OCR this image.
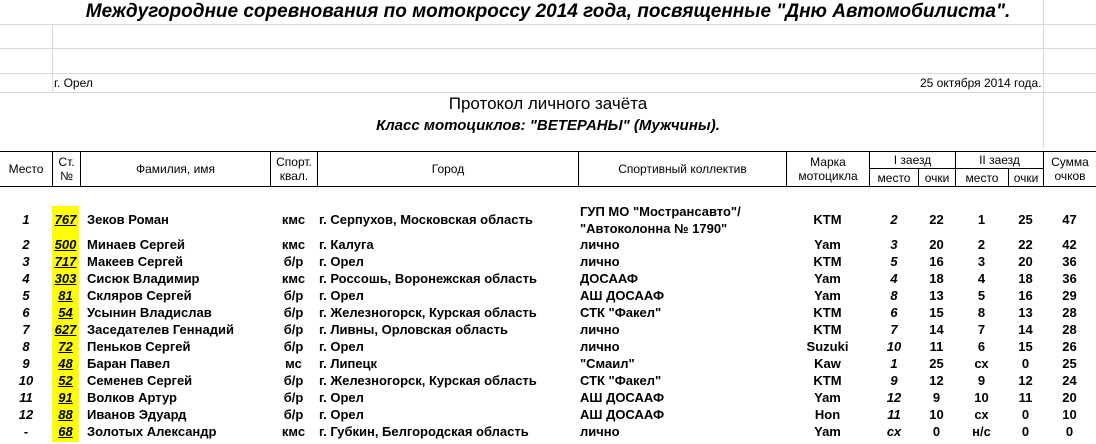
Междугородние соревнования по мотокроссу 2014 года, посвященные "Дню Автомобилиста".
г. Орел	25 октября 2014 года.
Протокол личного зачёта
Класс мотоциклов: "ВЕТЕРАНЫ" (Мужчины).
Место Ст.
№	Фамилия, имя	Спорт.
квал.	Город	Спортивный коллектив	Марка
мотоцикла
I заезд	II заезд
место очки место очки
Сумма
очков
1	767 Зеков Роман	кмс	г. Серпухов, Московская область
ГУП МО "Мострансавто"/
"Автоколонна № 1790"
KTM	2	22	1	25	47
2	500 Минаев Сергей	кмс	г. Калуга	лично	Yam	3	20	2	22	42
3	717 Макеев Сергей	б/р	г. Орел	лично	KTM	5	16	3	20	36
4	303 Сисюк Владимир	кмс	г. Россошь, Воронежская область	ДОСААФ	Yam	4	18	4	18	36
5	81	Скляров Сергей	б/р	г. Орел	АШ ДОСААФ	Yam	8	13	5	16	29
6	54	Усынин Владислав	б/р	г. Железногорск, Курская область	СТК "Факел"	KTM	6	15	8	13	28
7	627 Заседателев Геннадий	б/р	г. Ливны, Орловская область	лично	KTM	7	14	7	14	28
8	72	Пеньков Сергей	б/р	г. Орел	лично	Suzuki	10	11	6	15	26
9	48	Баран Павел	мс	г. Липецк	"Смаил"	Kaw	1	25	сх	0	25
10	52	Семенев Сергей	б/р	г. Железногорск, Курская область	СТК "Факел"	KTM	9	12	9	12	24
11	91	Волков Артур	б/р	г. Орел	АШ ДОСААФ	Yam	12	9	10	11	20
12	88	Иванов Эдуард	б/р	г. Орел	АШ ДОСААФ	Hon	11	10	сх	0	10
-	68	Золотых Александр	кмс	г. Губкин, Белгородская область	лично	Yam	сх	0	н/с	0	0
